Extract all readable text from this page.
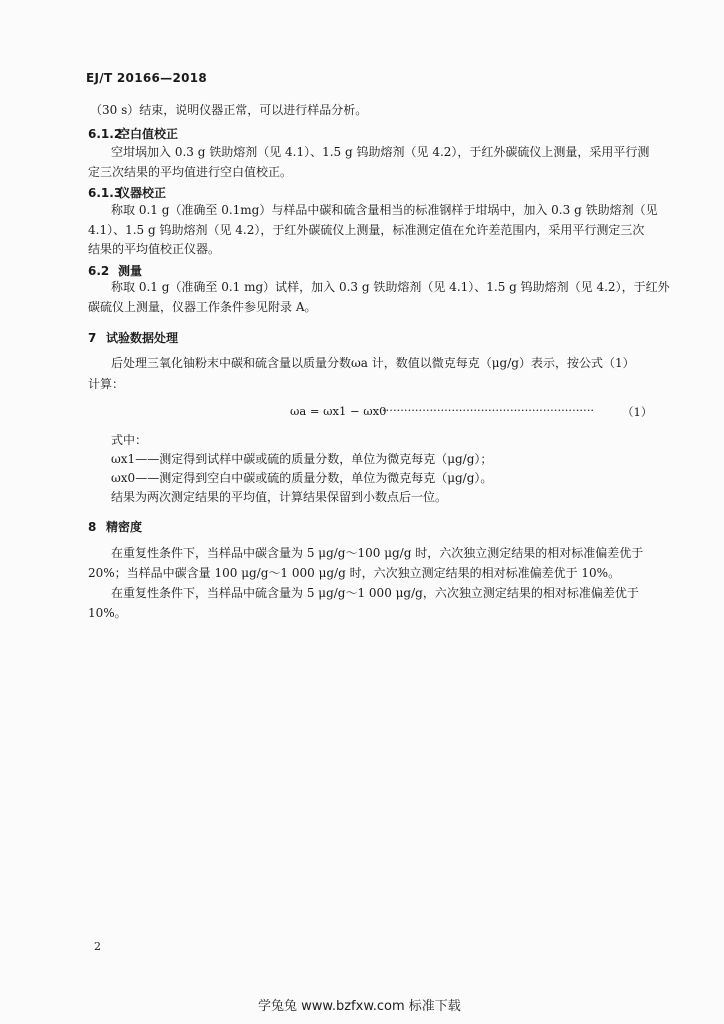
EJ/T 20166—2018
（30 s）结束，说明仪器正常，可以进行样品分析。
6.1.2空白值校正
空坩埚加入 0.3 g 铁助熔剂（见 4.1）、1.5 g 钨助熔剂（见 4.2），于红外碳硫仪上测量，采用平行测
定三次结果的平均值进行空白值校正。
6.1.3仪器校正
称取 0.1 g（准确至 0.1mg）与样品中碳和硫含量相当的标准钢样于坩埚中，加入 0.3 g 铁助熔剂（见
4.1）、1.5 g 钨助熔剂（见 4.2），于红外碳硫仪上测量，标准测定值在允许差范围内，采用平行测定三次
结果的平均值校正仪器。
6.2 测量
称取 0.1 g（准确至 0.1 mg）试样，加入 0.3 g 铁助熔剂（见 4.1）、1.5 g 钨助熔剂（见 4.2），于红外
碳硫仪上测量，仪器工作条件参见附录 A。
7 试验数据处理
后处理三氧化铀粉末中碳和硫含量以质量分数ωa 计，数值以微克每克（μg/g）表示，按公式（1）
计算：
ωa = ωx1 − ωx0
··························································	（1）
式中：
ωx1——测定得到试样中碳或硫的质量分数，单位为微克每克（μg/g）；
ωx0——测定得到空白中碳或硫的质量分数，单位为微克每克（μg/g）。
结果为两次测定结果的平均值，计算结果保留到小数点后一位。
8 精密度
在重复性条件下，当样品中碳含量为 5 μg/g～100 μg/g 时，六次独立测定结果的相对标准偏差优于
20%；当样品中碳含量 100 μg/g～1 000 μg/g 时，六次独立测定结果的相对标准偏差优于 10%。
在重复性条件下，当样品中硫含量为 5 μg/g～1 000 μg/g，六次独立测定结果的相对标准偏差优于
10%。
2
学兔兔 www.bzfxw.com 标准下载
